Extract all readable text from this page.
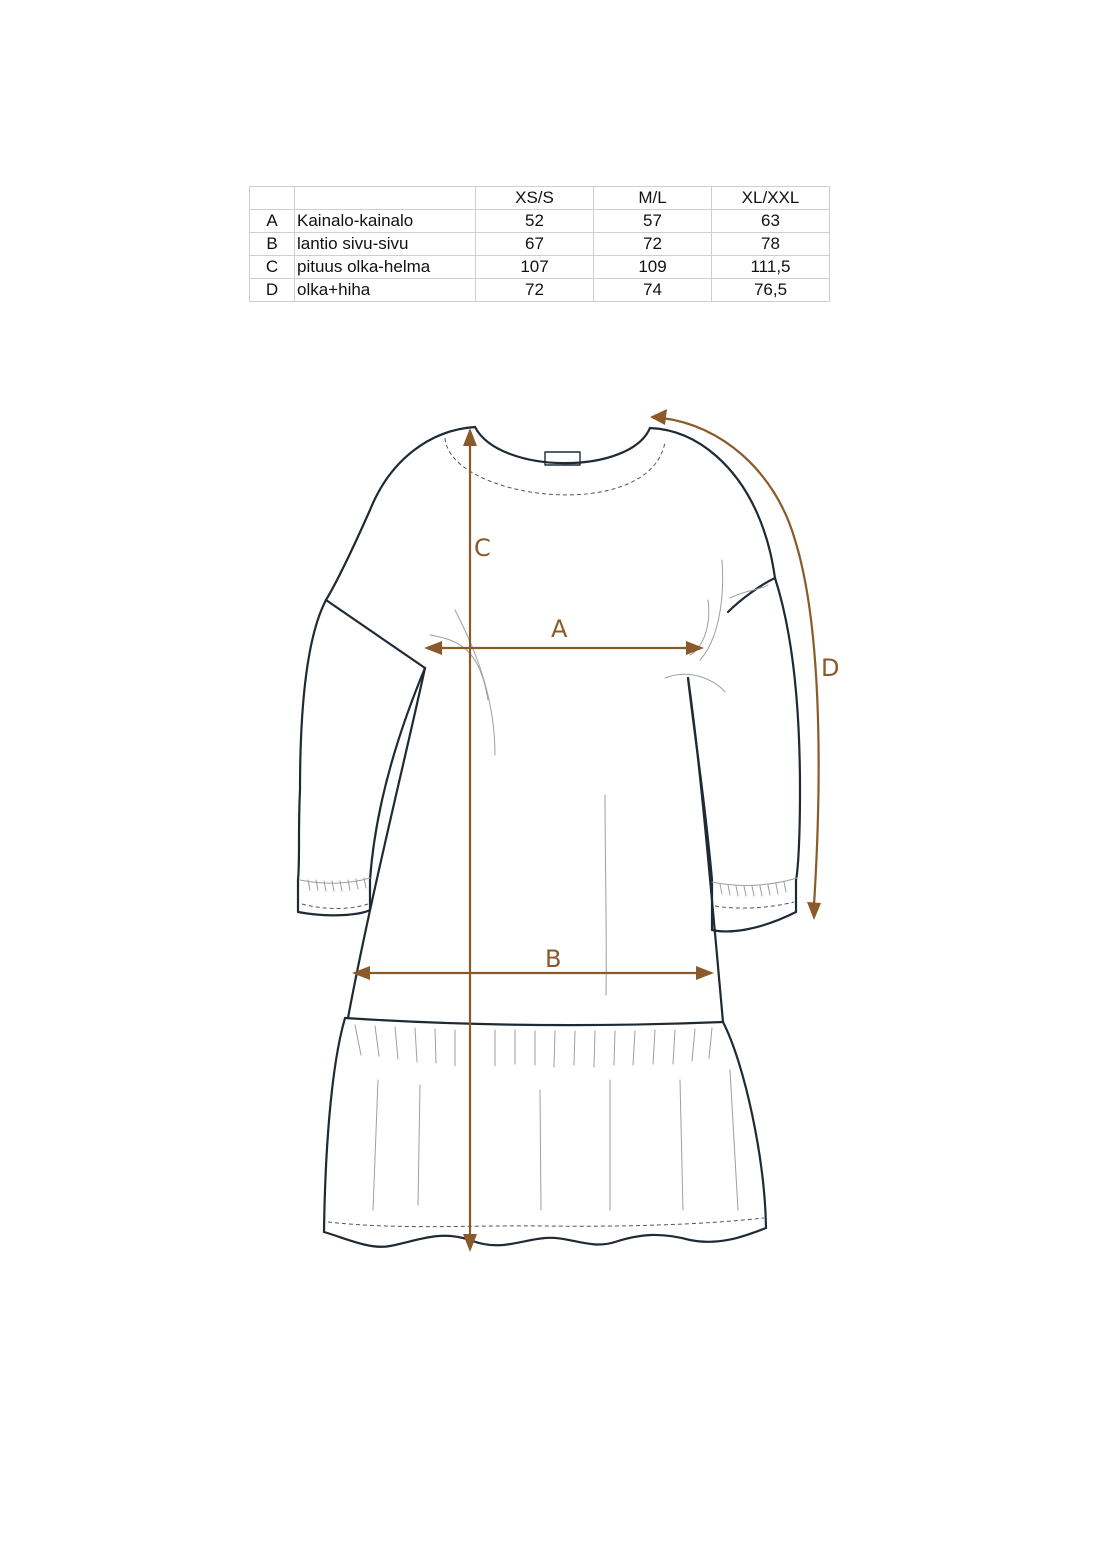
		XS/S	M/L	XL/XXL
A	Kainalo-kainalo	52	57	63
B	lantio sivu-sivu	67	72	78
C	pituus olka-helma	107	109	111,5
D	olka+hiha	72	74	76,5
C
A
B
D
